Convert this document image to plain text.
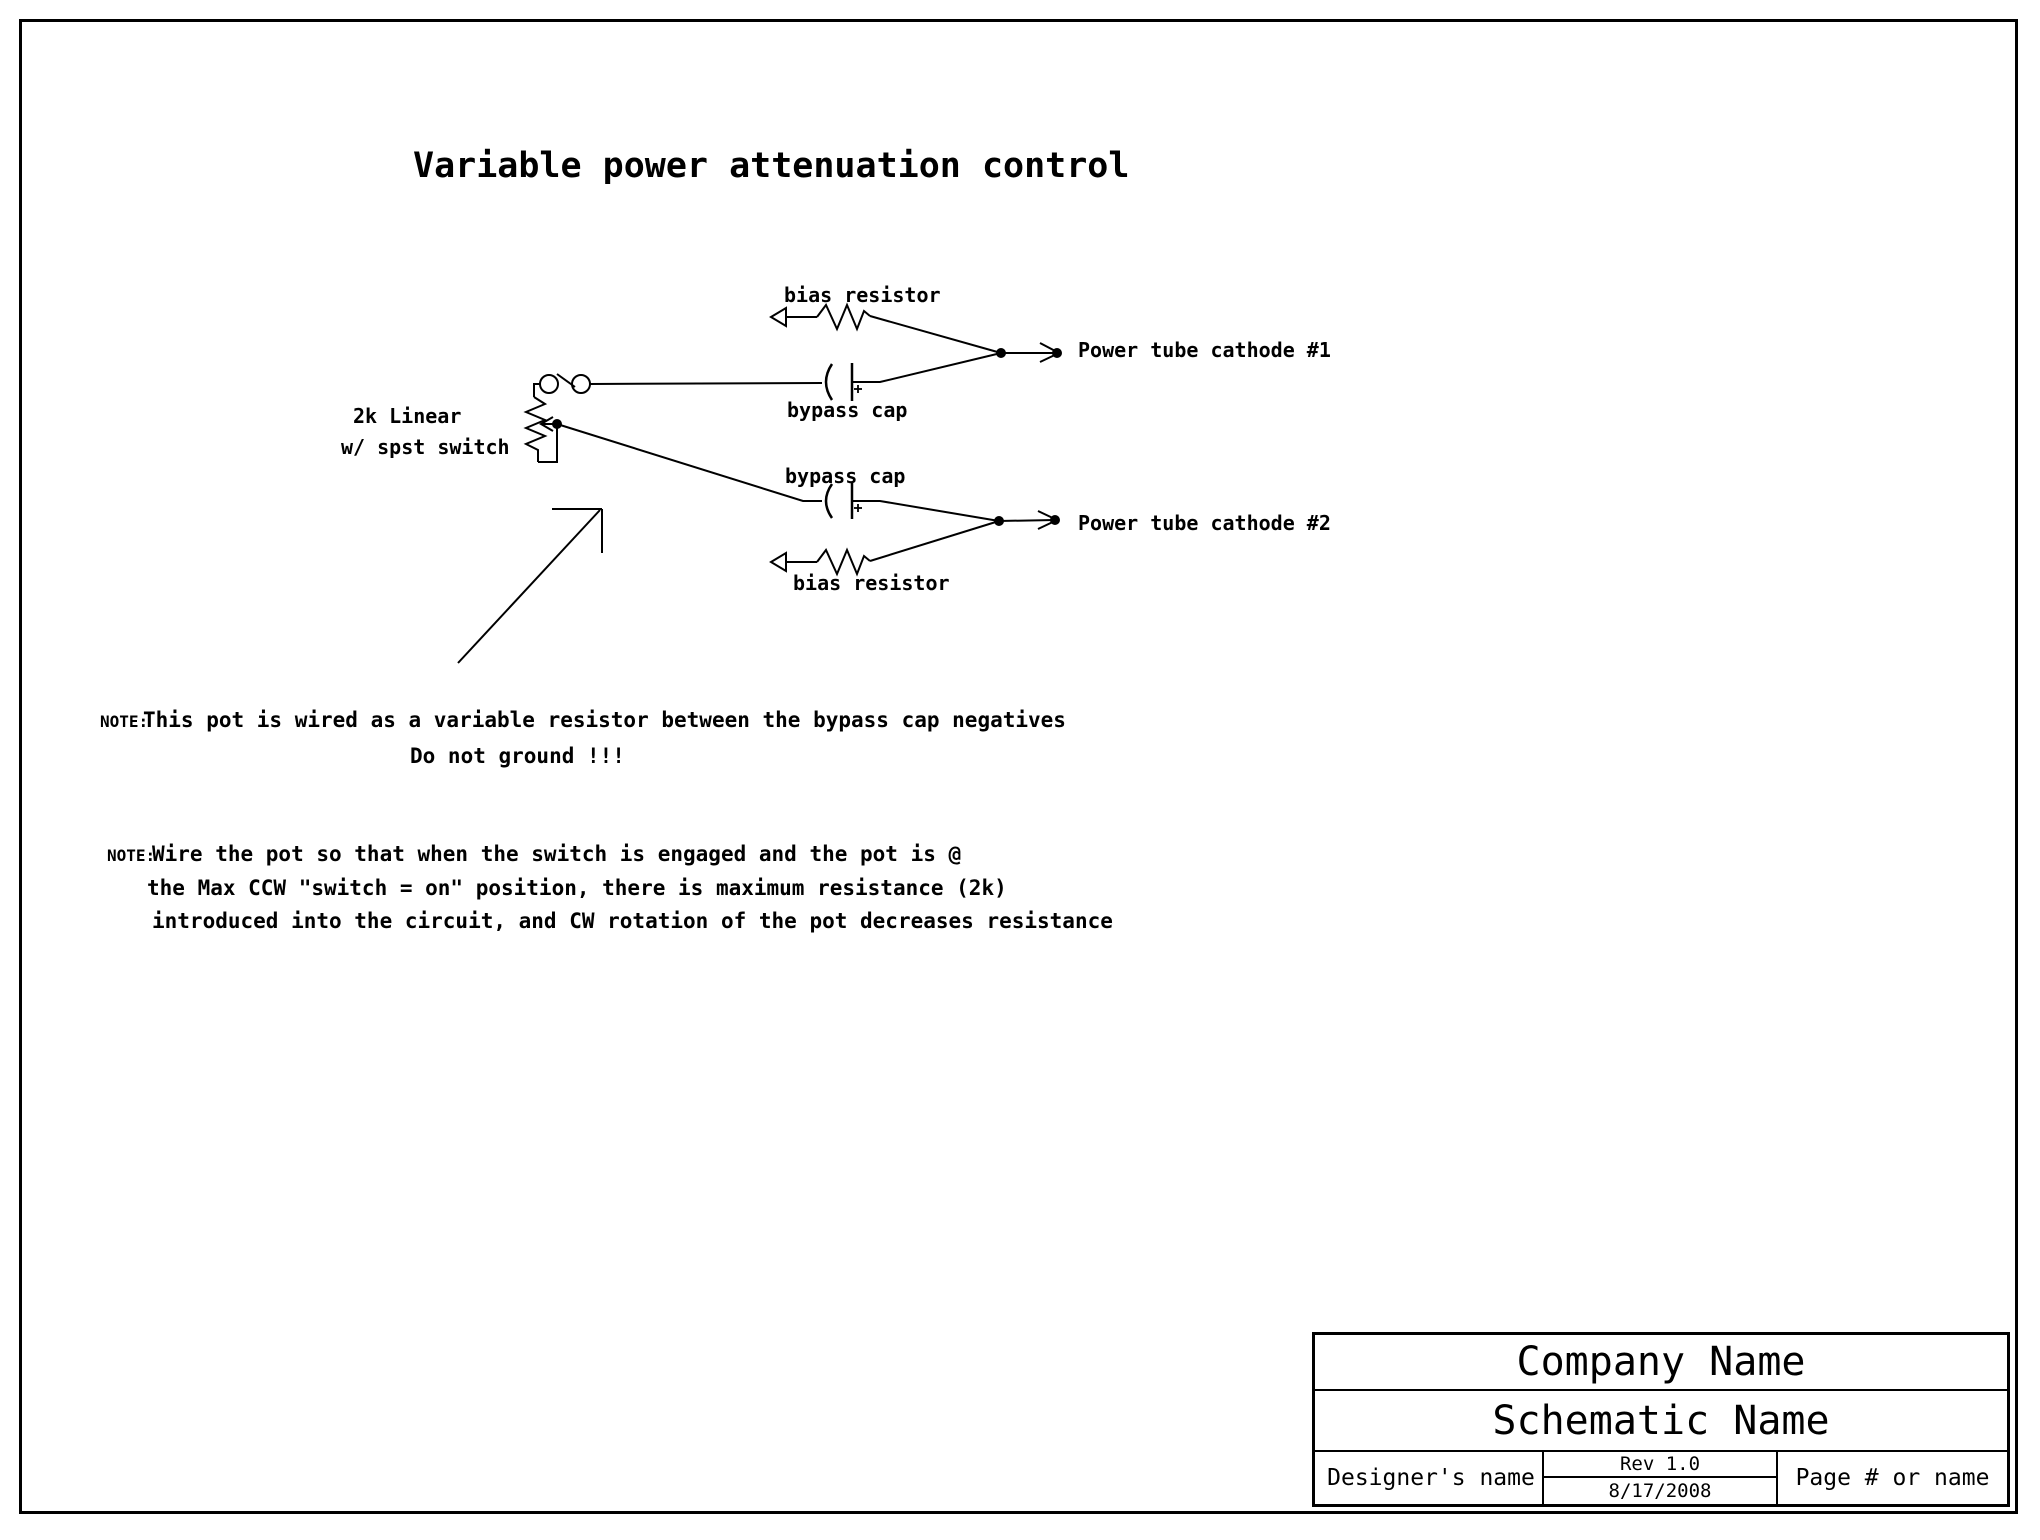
Variable power attenuation control
bias resistor
bypass cap
Power tube cathode #1
bypass cap
bias resistor
Power tube cathode #2
2k Linear
w/ spst switch
NOTE:
This pot is wired as a variable resistor between the bypass cap negatives
Do not ground !!!
NOTE:
Wire the pot so that when the switch is engaged and the pot is @
the Max CCW "switch = on" position, there is maximum resistance (2k)
introduced into the circuit, and CW rotation of the pot decreases resistance
Company Name
Schematic Name
Designer's name
Rev 1.0
8/17/2008	Page # or name
